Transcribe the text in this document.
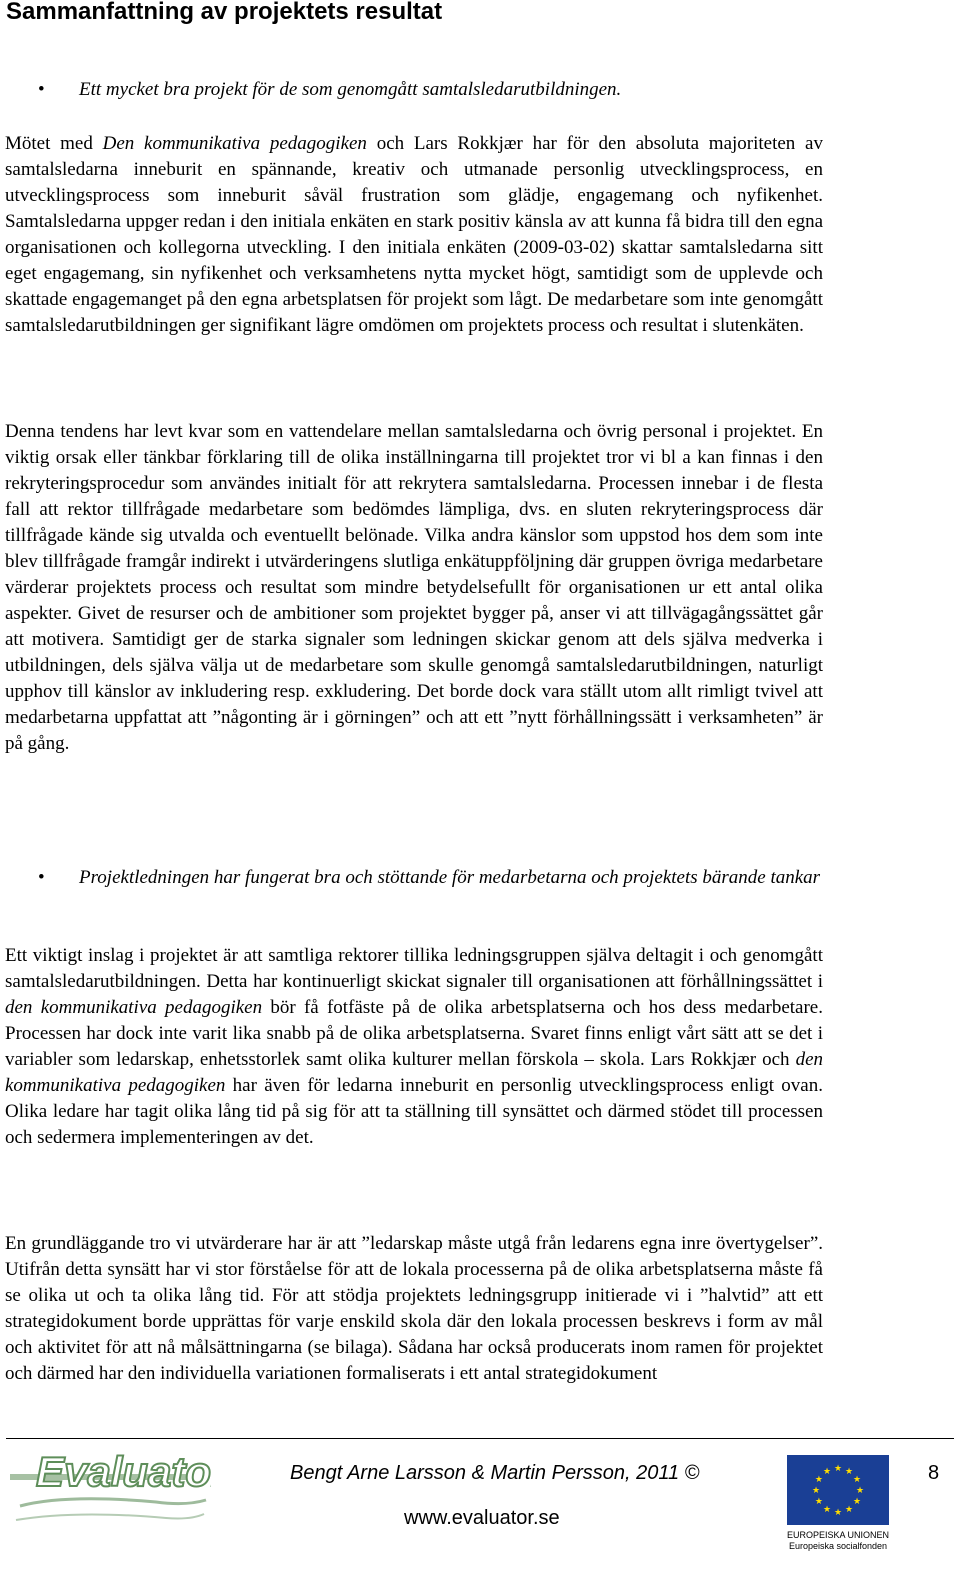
Sammanfattning av projektets resultat
•	Ett mycket bra projekt för de som genomgått samtalsledarutbildningen.

Mötet med Den kommunikativa pedagogiken och Lars Rokkjær har för den absoluta majoriteten av samtalsledarna inneburit en spännande, kreativ och utmanade personlig utvecklingsprocess, en utvecklingsprocess som inneburit såväl frustration som glädje, engagemang och nyfikenhet. Samtalsledarna uppger redan i den initiala enkäten en stark positiv känsla av att kunna få bidra till den egna organisationen och kollegorna utveckling. I den initiala enkäten (2009-03-02) skattar samtalsledarna sitt eget engagemang, sin nyfikenhet och verksamhetens nytta mycket högt, samtidigt som de upplevde och skattade engagemanget på den egna arbetsplatsen för projekt som lågt. De medarbetare som inte genomgått samtalsledarutbildningen ger signifikant lägre omdömen om projektets process och resultat i slutenkäten.

Denna tendens har levt kvar som en vattendelare mellan samtalsledarna och övrig personal i projektet. En viktig orsak eller tänkbar förklaring till de olika inställningarna till projektet tror vi bl a kan finnas i den rekryteringsprocedur som användes initialt för att rekrytera samtalsledarna. Processen innebar i de flesta fall att rektor tillfrågade medarbetare som bedömdes lämpliga, dvs. en sluten rekryteringsprocess där tillfrågade kände sig utvalda och eventuellt belönade. Vilka andra känslor som uppstod hos dem som inte blev tillfrågade framgår indirekt i utvärderingens slutliga enkätuppföljning där gruppen övriga medarbetare värderar projektets process och resultat som mindre betydelsefullt för organisationen ur ett antal olika aspekter. Givet de resurser och de ambitioner som projektet bygger på, anser vi att tillvägagångssättet går att motivera. Samtidigt ger de starka signaler som ledningen skickar genom att dels själva medverka i utbildningen, dels själva välja ut de medarbetare som skulle genomgå samtalsledarutbildningen, naturligt upphov till känslor av inkludering resp. exkludering. Det borde dock vara ställt utom allt rimligt tvivel att medarbetarna uppfattat att ”någonting är i görningen” och att ett ”nytt förhållningssätt i verksamheten” är på gång.

•	Projektledningen har fungerat bra och stöttande för medarbetarna och projektets bärande tankar

Ett viktigt inslag i projektet är att samtliga rektorer tillika ledningsgruppen själva deltagit i och genomgått samtalsledarutbildningen. Detta har kontinuerligt skickat signaler till organisationen att förhållningssättet i den kommunikativa pedagogiken bör få fotfäste på de olika arbetsplatserna och hos dess medarbetare. Processen har dock inte varit lika snabb på de olika arbetsplatserna. Svaret finns enligt vårt sätt att se det i variabler som ledarskap, enhetsstorlek samt olika kulturer mellan förskola – skola. Lars Rokkjær och den kommunikativa pedagogiken har även för ledarna inneburit en personlig utvecklingsprocess enligt ovan. Olika ledare har tagit olika lång tid på sig för att ta ställning till synsättet och därmed stödet till processen och sedermera implementeringen av det.

En grundläggande tro vi utvärderare har är att ”ledarskap måste utgå från ledarens egna inre övertygelser”. Utifrån detta synsätt har vi stor förståelse för att de lokala processerna på de olika arbetsplatserna måste få se olika ut och ta olika lång tid. För att stödja projektets ledningsgrupp initierade vi i ”halvtid” att ett strategidokument borde upprättas för varje enskild skola där den lokala processen beskrevs i form av mål och aktivitet för att nå målsättningarna (se bilaga). Sådana har också producerats inom ramen för projektet och därmed har den individuella variationen formaliserats i ett antal strategidokument

Evaluator	Bengt Arne Larsson & Martin Persson, 2011 ©
www.evaluator.se
8
★ ★
★
★
★
★
★
★
★
★
★
★
EUROPEISKA UNIONEN
Europeiska socialfonden
